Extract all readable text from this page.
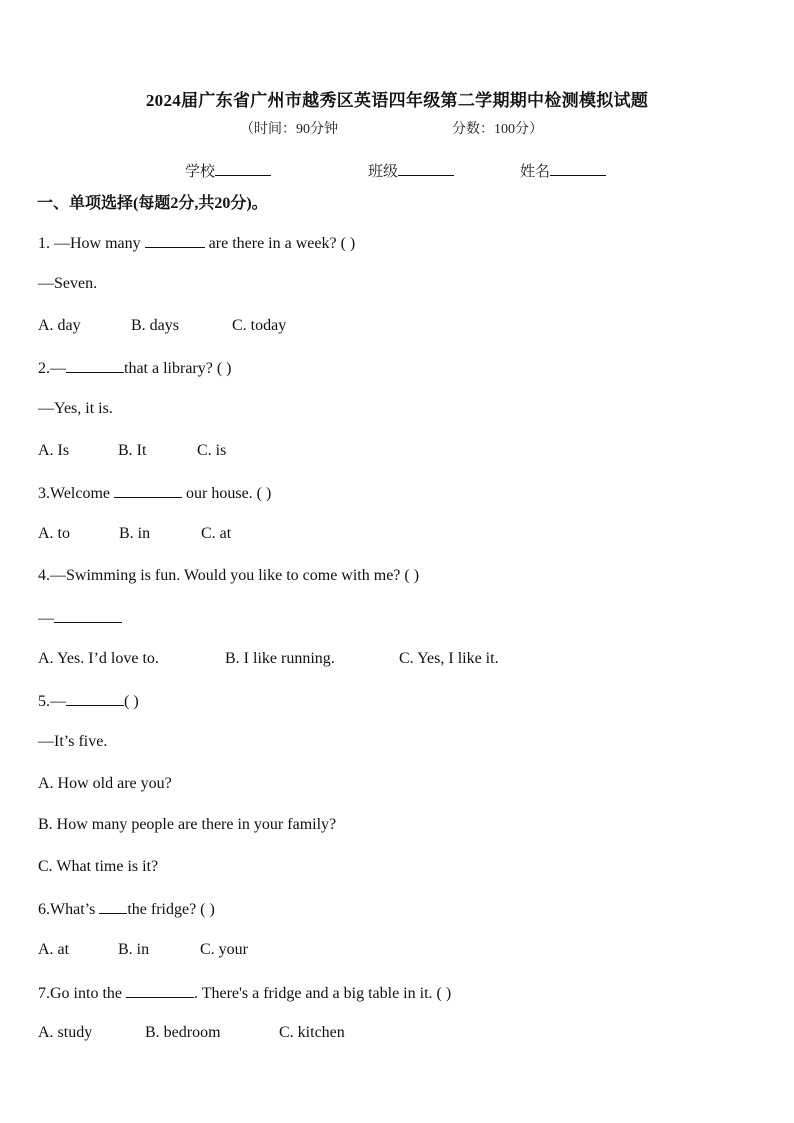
2024届广东省广州市越秀区英语四年级第二学期期中检测模拟试题
（时间：90分钟	分数：100分）
学校	班级	姓名
一、单项选择(每题2分,共20分)。
1. —How many	are there in a week? ( )
—Seven.
A. day	B. days	C. today
2.—	that a library? ( )
—Yes, it is.
A. Is	B. It	C. is
3.Welcome	our house. ( )
A. to	B. in	C. at
4.—Swimming is fun. Would you like to come with me? ( )
—
A. Yes. I’d love to.	B. I like running.	C. Yes, I like it.
5.—	( )
—It’s five.
A. How old are you?
B. How many people are there in your family?
C. What time is it?
6.What’s the fridge? ( )
A. at	B. in	C. your
7.Go into the	. There's a fridge and a big table in it. ( )
A. study	B. bedroom	C. kitchen
